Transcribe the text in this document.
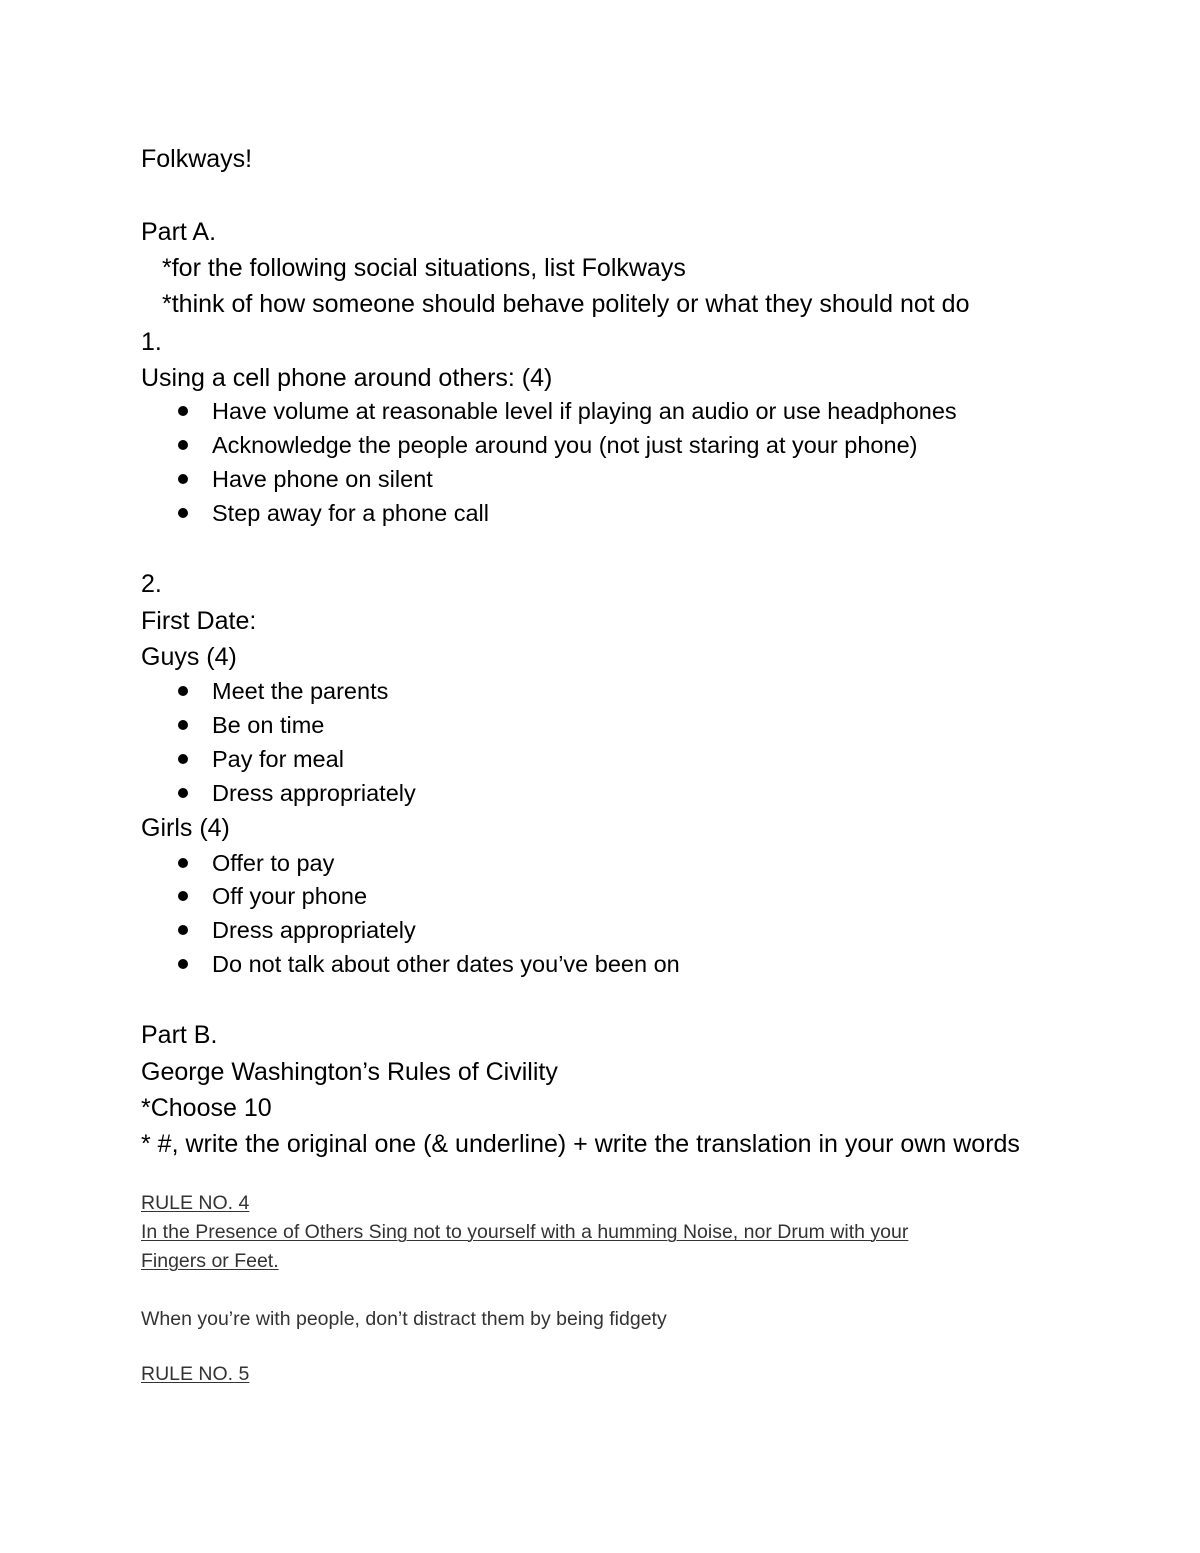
Folkways!
Part A.
*for the following social situations, list Folkways
*think of how someone should behave politely or what they should not do
1.
Using a cell phone around others: (4)
Have volume at reasonable level if playing an audio or use headphones
Acknowledge the people around you (not just staring at your phone)
Have phone on silent
Step away for a phone call
2.
First Date:
Guys (4)
Meet the parents
Be on time
Pay for meal
Dress appropriately
Girls (4)
Offer to pay
Off your phone
Dress appropriately
Do not talk about other dates you’ve been on
Part B.
George Washington’s Rules of Civility
*Choose 10
* #, write the original one (& underline) + write the translation in your own words
RULE NO. 4
In the Presence of Others Sing not to yourself with a humming Noise, nor Drum with your
Fingers or Feet.
When you’re with people, don’t distract them by being fidgety
RULE NO. 5
